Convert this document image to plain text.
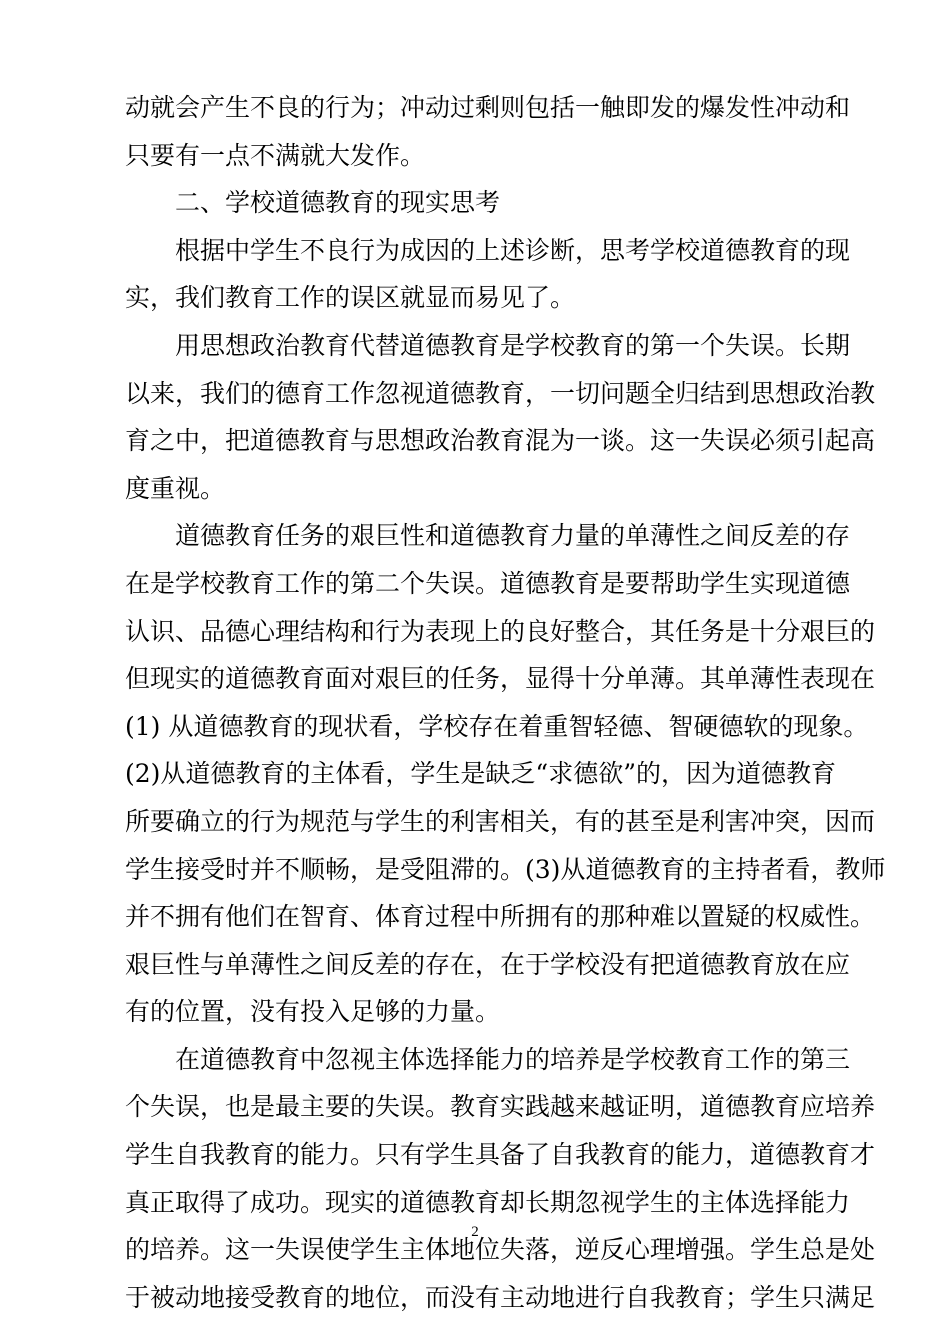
动就会产生不良的行为；冲动过剩则包括一触即发的爆发性冲动和
只要有一点不满就大发作。
二、学校道德教育的现实思考
根据中学生不良行为成因的上述诊断，思考学校道德教育的现
实，我们教育工作的误区就显而易见了。
用思想政治教育代替道德教育是学校教育的第一个失误。长期
以来，我们的德育工作忽视道德教育，一切问题全归结到思想政治教
育之中，把道德教育与思想政治教育混为一谈。这一失误必须引起高
度重视。
道德教育任务的艰巨性和道德教育力量的单薄性之间反差的存
在是学校教育工作的第二个失误。道德教育是要帮助学生实现道德
认识、品德心理结构和行为表现上的良好整合，其任务是十分艰巨的
但现实的道德教育面对艰巨的任务，显得十分单薄。其单薄性表现在
(1) 从道德教育的现状看，学校存在着重智轻德、智硬德软的现象。
(2)从道德教育的主体看，学生是缺乏“求德欲”的，因为道德教育
所要确立的行为规范与学生的利害相关，有的甚至是利害冲突，因而
学生接受时并不顺畅，是受阻滞的。(3)从道德教育的主持者看，教师
并不拥有他们在智育、体育过程中所拥有的那种难以置疑的权威性。
艰巨性与单薄性之间反差的存在，在于学校没有把道德教育放在应
有的位置，没有投入足够的力量。
在道德教育中忽视主体选择能力的培养是学校教育工作的第三
个失误，也是最主要的失误。教育实践越来越证明，道德教育应培养
学生自我教育的能力。只有学生具备了自我教育的能力，道德教育才
真正取得了成功。现实的道德教育却长期忽视学生的主体选择能力
的培养。这一失误使学生主体地位失落，逆反心理增强。学生总是处
于被动地接受教育的地位，而没有主动地进行自我教育；学生只满足
2
